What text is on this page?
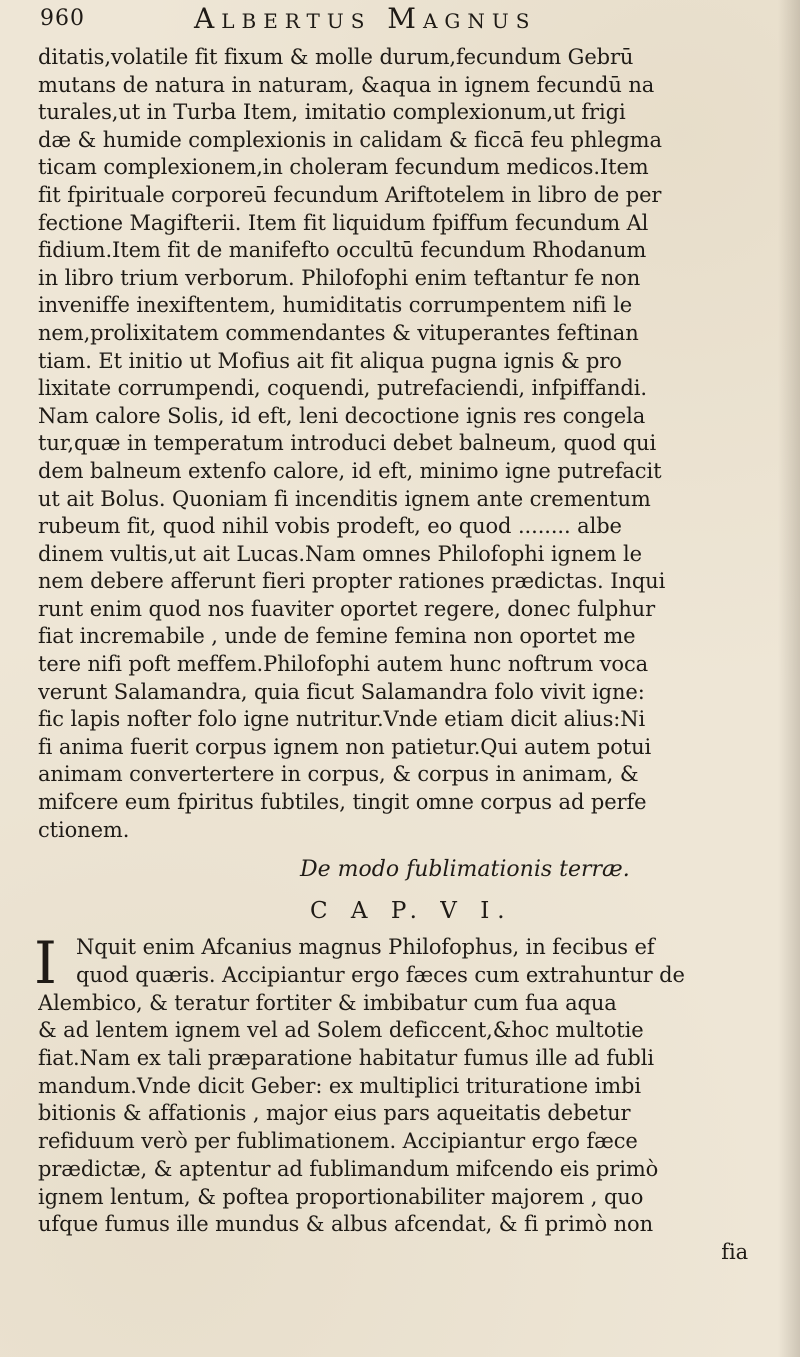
960	Albertus Magnus
ditatis,volatile fit fixum & molle durum,fecundum Gebrū
mutans de natura in naturam, &aqua in ignem fecundū na
turales,ut in Turba Item, imitatio complexionum,ut frigi
dæ & humide complexionis in calidam & ficcā feu phlegma
ticam complexionem,in choleram fecundum medicos.Item
fit fpirituale corporeū fecundum Ariftotelem in libro de per
fectione Magifterii. Item fit liquidum fpiffum fecundum Al
fidium.Item fit de manifefto occultū fecundum Rhodanum
in libro trium verborum. Philofophi enim teftantur fe non
inveniffe inexiftentem, humiditatis corrumpentem nifi le
nem,prolixitatem commendantes & vituperantes feftinan
tiam. Et initio ut Mofius ait fit aliqua pugna ignis & pro
lixitate corrumpendi, coquendi, putrefaciendi, infpiffandi.
Nam calore Solis, id eft, leni decoctione ignis res congela
tur,quæ in temperatum introduci debet balneum, quod qui
dem balneum extenfo calore, id eft, minimo igne putrefacit
ut ait Bolus. Quoniam fi incenditis ignem ante crementum
rubeum fit, quod nihil vobis prodeft, eo quod ........ albe
dinem vultis,ut ait Lucas.Nam omnes Philofophi ignem le
nem debere afferunt fieri propter rationes prædictas. Inqui
runt enim quod nos fuaviter oportet regere, donec fulphur
fiat incremabile , unde de femine femina non oportet me
tere nifi poft meffem.Philofophi autem hunc noftrum voca
verunt Salamandra, quia ficut Salamandra folo vivit igne:
fic lapis nofter folo igne nutritur.Vnde etiam dicit alius:Ni
fi anima fuerit corpus ignem non patietur.Qui autem potui
animam convertertere in corpus, & corpus in animam, &
mifcere eum fpiritus fubtiles, tingit omne corpus ad perfe
ctionem.
De modo fublimationis terræ.
C A P. V I.
I Nquit enim Afcanius magnus Philofophus, in fecibus ef
quod quæris. Accipiantur ergo fæces cum extrahuntur de
Alembico, & teratur fortiter & imbibatur cum fua aqua
& ad lentem ignem vel ad Solem deficcent,&hoc multotie
fiat.Nam ex tali præparatione habitatur fumus ille ad fubli
mandum.Vnde dicit Geber: ex multiplici trituratione imbi
bitionis & affationis , major eius pars aqueitatis debetur
refiduum verò per fublimationem. Accipiantur ergo fæce
prædictæ, & aptentur ad fublimandum mifcendo eis primò
ignem lentum, & poftea proportionabiliter majorem , quo
ufque fumus ille mundus & albus afcendat, & fi primò non
fia
